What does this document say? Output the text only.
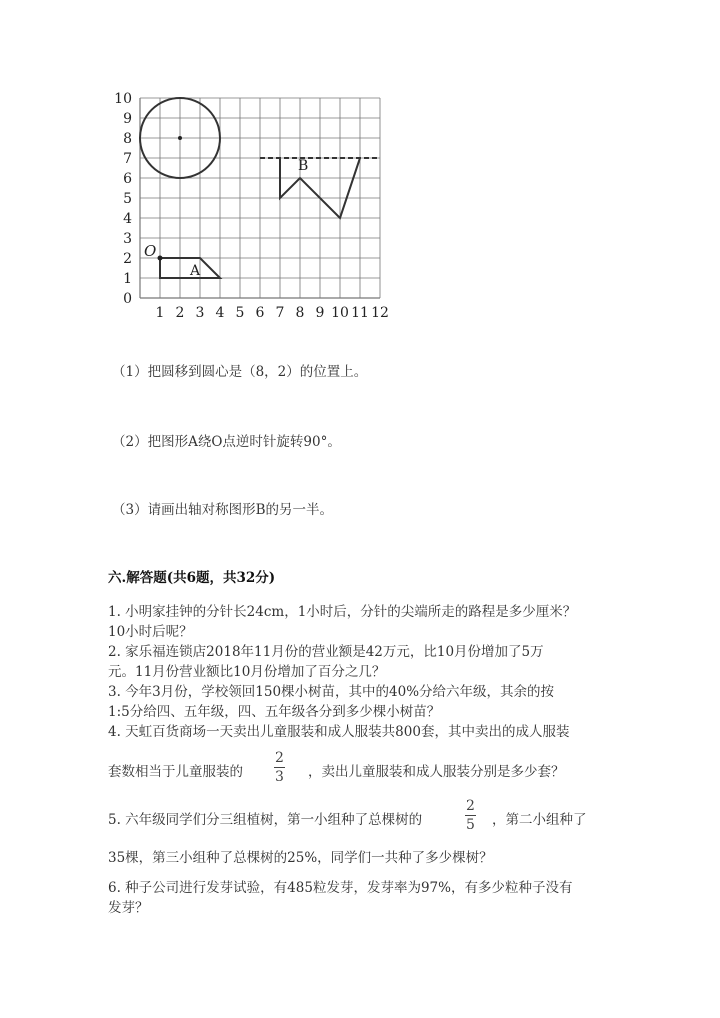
1 2 3 4 5 6 7 8 9 10 11 12
0
1
2
3
4
5
6
7
8
9
10
O
A
B
（1）把圆移到圆心是（8，2）的位置上。
（2）把图形A绕O点逆时针旋转90°。
（3）请画出轴对称图形B的另一半。
六.解答题(共6题，共32分)
1. 小明家挂钟的分针长24cm，1小时后，分针的尖端所走的路程是多少厘米？
10小时后呢？
2. 家乐福连锁店2018年11月份的营业额是42万元，比10月份增加了5万
元。11月份营业额比10月份增加了百分之几？
3. 今年3月份，学校领回150棵小树苗，其中的40%分给六年级，其余的按
1:5分给四、五年级，四、五年级各分到多少棵小树苗？
4. 天虹百货商场一天卖出儿童服装和成人服装共800套，其中卖出的成人服装
套数相当于儿童服装的
2
3 ，卖出儿童服装和成人服装分别是多少套？
5. 六年级同学们分三组植树，第一小组种了总棵树的
2
5 ，第二小组种了
35棵，第三小组种了总棵树的25%，同学们一共种了多少棵树？
6. 种子公司进行发芽试验，有485粒发芽，发芽率为97%，有多少粒种子没有
发芽？
